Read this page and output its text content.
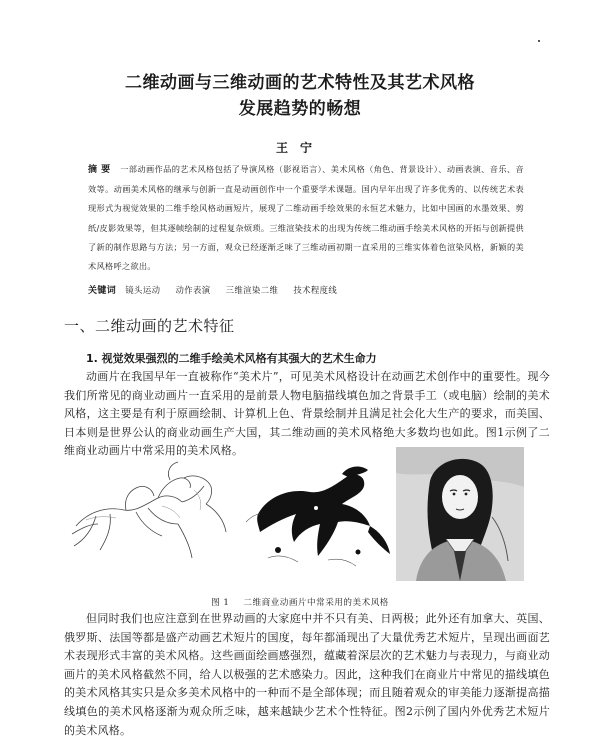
二维动画与三维动画的艺术特性及其艺术风格
发展趋势的畅想
王宁
摘要 一部动画作品的艺术风格包括了导演风格（影视语言）、美术风格（角色、背景设计）、动画表演、音乐、音效等。动画美术风格的继承与创新一直是动画创作中一个重要学术课题。国内早年出现了许多优秀的、以传统艺术表现形式为视觉效果的二维手绘风格动画短片，展现了二维动画手绘效果的永恒艺术魅力，比如中国画的水墨效果、剪纸/皮影效果等，但其逐帧绘制的过程复杂烦琐。三维渲染技术的出现为传统二维动画手绘美术风格的开拓与创新提供了新的制作思路与方法；另一方面，观众已经逐渐乏味了三维动画初期一直采用的三维实体着色渲染风格，新颖的美术风格呼之欲出。
关键词 镜头运动 动作表演 三维渲染二维 技术程度线
一、二维动画的艺术特征
1. 视觉效果强烈的二维手绘美术风格有其强大的艺术生命力
动画片在我国早年一直被称作“美术片”，可见美术风格设计在动画艺术创作中的重要性。现今我们所常见的商业动画片一直采用的是前景人物电脑描线填色加之背景手工（或电脑）绘制的美术风格，这主要是有利于原画绘制、计算机上色、背景绘制并且满足社会化大生产的要求，而美国、日本则是世界公认的商业动画生产大国，其二维动画的美术风格绝大多数均也如此。图1示例了二维商业动画片中常采用的美术风格。
图 1 二维商业动画片中常采用的美术风格
但同时我们也应注意到在世界动画的大家庭中并不只有美、日两极；此外还有加拿大、英国、俄罗斯、法国等都是盛产动画艺术短片的国度，每年都涌现出了大量优秀艺术短片，呈现出画面艺术表现形式丰富的美术风格。这些画面绘画感强烈，蕴藏着深层次的艺术魅力与表现力，与商业动画片的美术风格截然不同，给人以极强的艺术感染力。因此，这种我们在商业片中常见的描线填色的美术风格其实只是众多美术风格中的一种而不是全部体现；而且随着观众的审美能力逐渐提高描线填色的美术风格逐渐为观众所乏味，越来越缺少艺术个性特征。图2示例了国内外优秀艺术短片的美术风格。
